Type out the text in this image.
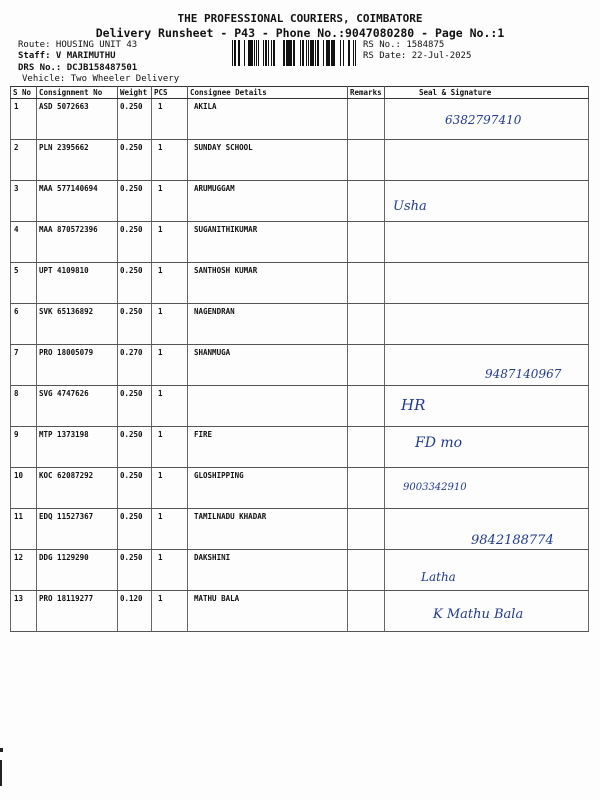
THE PROFESSIONAL COURIERS, COIMBATORE
Delivery Runsheet - P43 - Phone No.:9047080280 - Page No.:1
Route: HOUSING UNIT 43
Staff: V MARIMUTHU
DRS No.: DCJB158487501
Vehicle: Two Wheeler Delivery
RS No.: 1584875
RS Date: 22-Jul-2025
S No	Consignment No	Weight	PCS	Consignee Details	Remarks	Seal & Signature
1	ASD 5072663	0.250	1	AKILA		6382797410

2	PLN 2395662	0.250	1	SUNDAY SCHOOL		

3	MAA 577140694	0.250	1	ARUMUGGAM		Usha

4	MAA 870572396	0.250	1	SUGANITHIKUMAR		

5	UPT 4109810	0.250	1	SANTHOSH KUMAR		

6	SVK 65136892	0.250	1	NAGENDRAN		

7	PRO 18005079	0.270	1	SHANMUGA		9487140967

8	SVG 4747626	0.250	1			HR

9	MTP 1373198	0.250	1	FIRE		FD mo

10	KOC 62087292	0.250	1	GLOSHIPPING		9003342910

11	EDQ 11527367	0.250	1	TAMILNADU KHADAR		9842188774

12	DDG 1129290	0.250	1	DAKSHINI		Latha

13	PRO 18119277	0.120	1	MATHU BALA		K Mathu Bala
